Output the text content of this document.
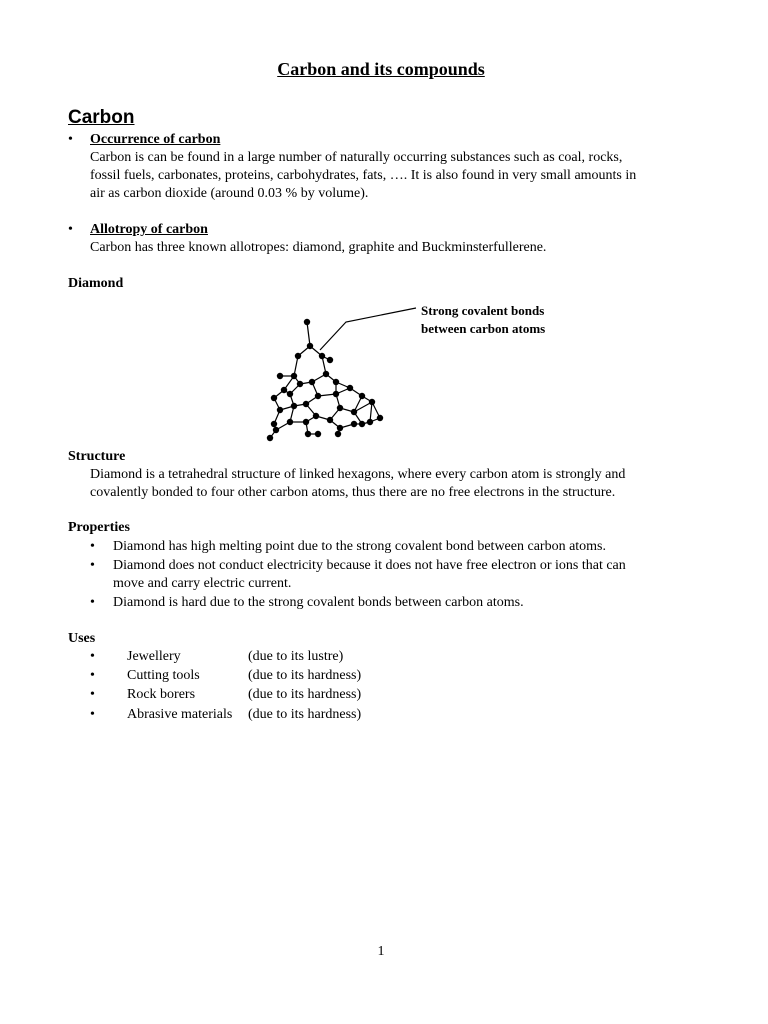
Carbon and its compounds
Carbon
• Occurrence of carbon
Carbon is can be found in a large number of naturally occurring substances such as coal, rocks,
fossil fuels, carbonates, proteins, carbohydrates, fats, …. It is also found in very small amounts in
air as carbon dioxide (around 0.03 % by volume).
• Allotropy of carbon
Carbon has three known allotropes: diamond, graphite and Buckminsterfullerene.
Diamond
Strong covalent bonds
between carbon atoms
Structure
Diamond is a tetrahedral structure of linked hexagons, where every carbon atom is strongly and
covalently bonded to four other carbon atoms, thus there are no free electrons in the structure.
Properties
• Diamond has high melting point due to the strong covalent bond between carbon atoms.
• Diamond does not conduct electricity because it does not have free electron or ions that can
move and carry electric current.
• Diamond is hard due to the strong covalent bonds between carbon atoms.
Uses
• Jewellery	(due to its lustre)
• Cutting tools	(due to its hardness)
• Rock borers	(due to its hardness)
• Abrasive materials (due to its hardness)
1
